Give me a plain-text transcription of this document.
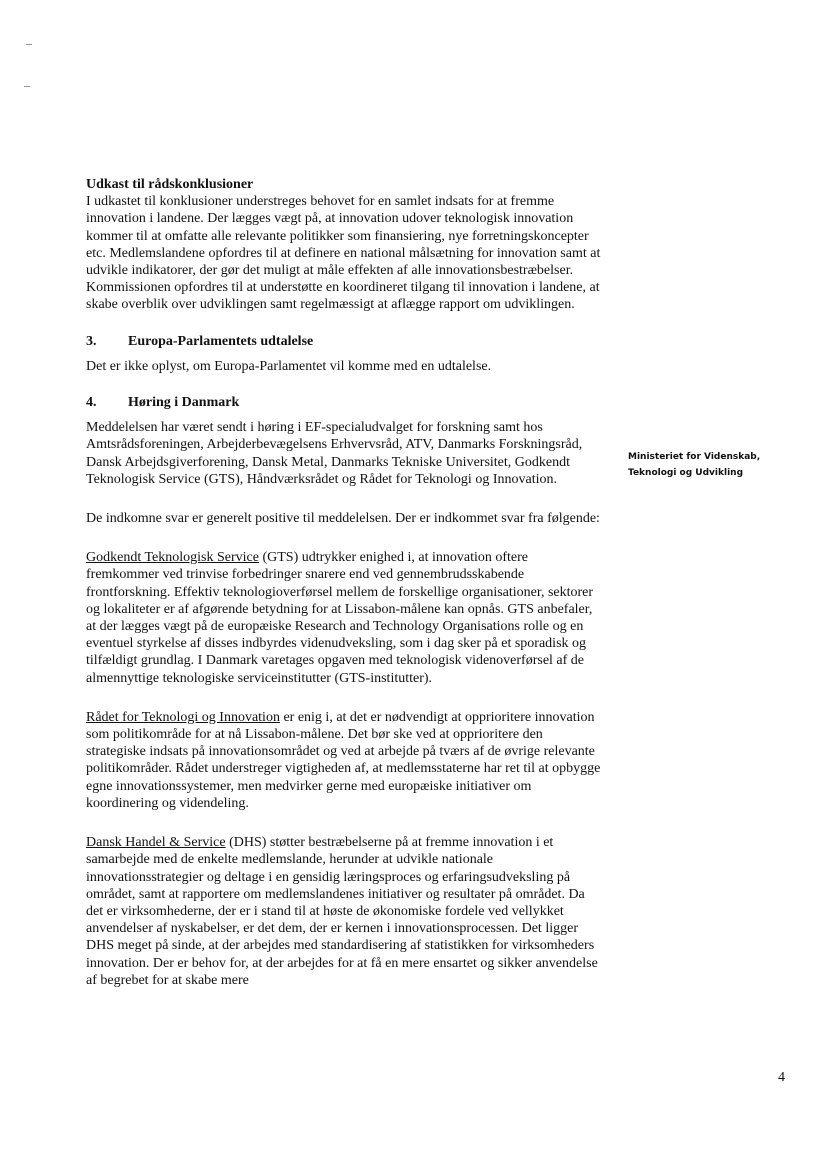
Udkast til rådskonklusioner

I udkastet til konklusioner understreges behovet for en samlet indsats for at fremme innovation i landene. Der lægges vægt på, at innovation udover teknologisk innovation kommer til at omfatte alle relevante politikker som finansiering, nye forretningskoncepter etc. Medlemslandene opfordres til at definere en national målsætning for innovation samt at udvikle indikatorer, der gør det muligt at måle effekten af alle innovationsbestræbelser. Kommissionen opfordres til at understøtte en koordineret tilgang til innovation i landene, at skabe overblik over udviklingen samt regelmæssigt at aflægge rapport om udviklingen.

3.	Europa-Parlamentets udtalelse

Det er ikke oplyst, om Europa-Parlamentet vil komme med en udtalelse.

4.	Høring i Danmark

Meddelelsen har været sendt i høring i EF-specialudvalget for forskning samt hos Amtsrådsforeningen, Arbejderbevægelsens Erhvervsråd, ATV, Danmarks Forskningsråd, Dansk Arbejdsgiverforening, Dansk Metal, Danmarks Tekniske Universitet, Godkendt Teknologisk Service (GTS), Håndværksrådet og Rådet for Teknologi og Innovation.

De indkomne svar er generelt positive til meddelelsen. Der er indkommet svar fra følgende:

Godkendt Teknologisk Service (GTS) udtrykker enighed i, at innovation oftere fremkommer ved trinvise forbedringer snarere end ved gennembrudsskabende frontforskning. Effektiv teknologioverførsel mellem de forskellige organisationer, sektorer og lokaliteter er af afgørende betydning for at Lissabon-målene kan opnås. GTS anbefaler, at der lægges vægt på de europæiske Research and Technology Organisations rolle og en eventuel styrkelse af disses indbyrdes videnudveksling, som i dag sker på et sporadisk og tilfældigt grundlag. I Danmark varetages opgaven med teknologisk videnoverførsel af de almennyttige teknologiske serviceinstitutter (GTS-institutter).

Rådet for Teknologi og Innovation er enig i, at det er nødvendigt at opprioritere innovation som politikområde for at nå Lissabon-målene. Det bør ske ved at opprioritere den strategiske indsats på innovationsområdet og ved at arbejde på tværs af de øvrige relevante politikområder. Rådet understreger vigtigheden af, at medlemsstaterne har ret til at opbygge egne innovationssystemer, men medvirker gerne med europæiske initiativer om koordinering og videndeling.

Dansk Handel & Service (DHS) støtter bestræbelserne på at fremme innovation i et samarbejde med de enkelte medlemslande, herunder at udvikle nationale innovationsstrategier og deltage i en gensidig læringsproces og erfaringsudveksling på området, samt at rapportere om medlemslandenes initiativer og resultater på området. Da det er virksomhederne, der er i stand til at høste de økonomiske fordele ved vellykket anvendelser af nyskabelser, er det dem, der er kernen i innovationsprocessen. Det ligger DHS meget på sinde, at der arbejdes med standardisering af statistikken for virksomheders innovation. Der er behov for, at der arbejdes for at få en mere ensartet og sikker anvendelse af begrebet for at skabe mere

Ministeriet for Videnskab,
Teknologi og Udvikling
4
